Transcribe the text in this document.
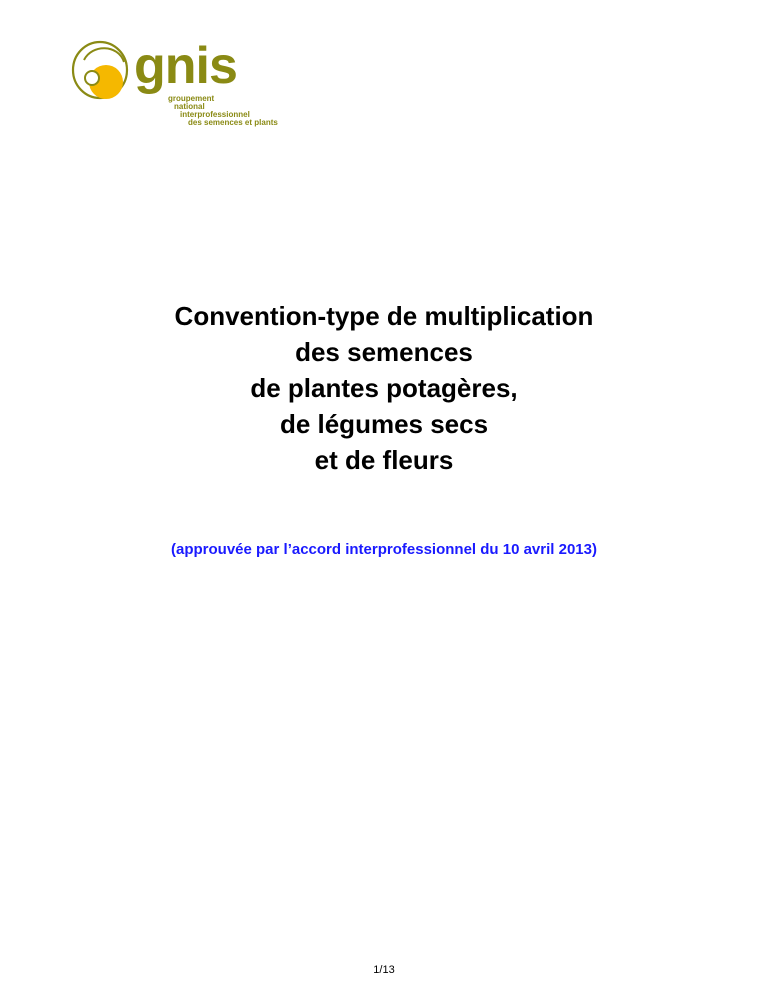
gnis
groupement
national
interprofessionnel
des semences et plants
Convention-type de multiplication
des semences
de plantes potagères,
de légumes secs
et de fleurs
(approuvée par l’accord interprofessionnel du 10 avril 2013)
1/13
